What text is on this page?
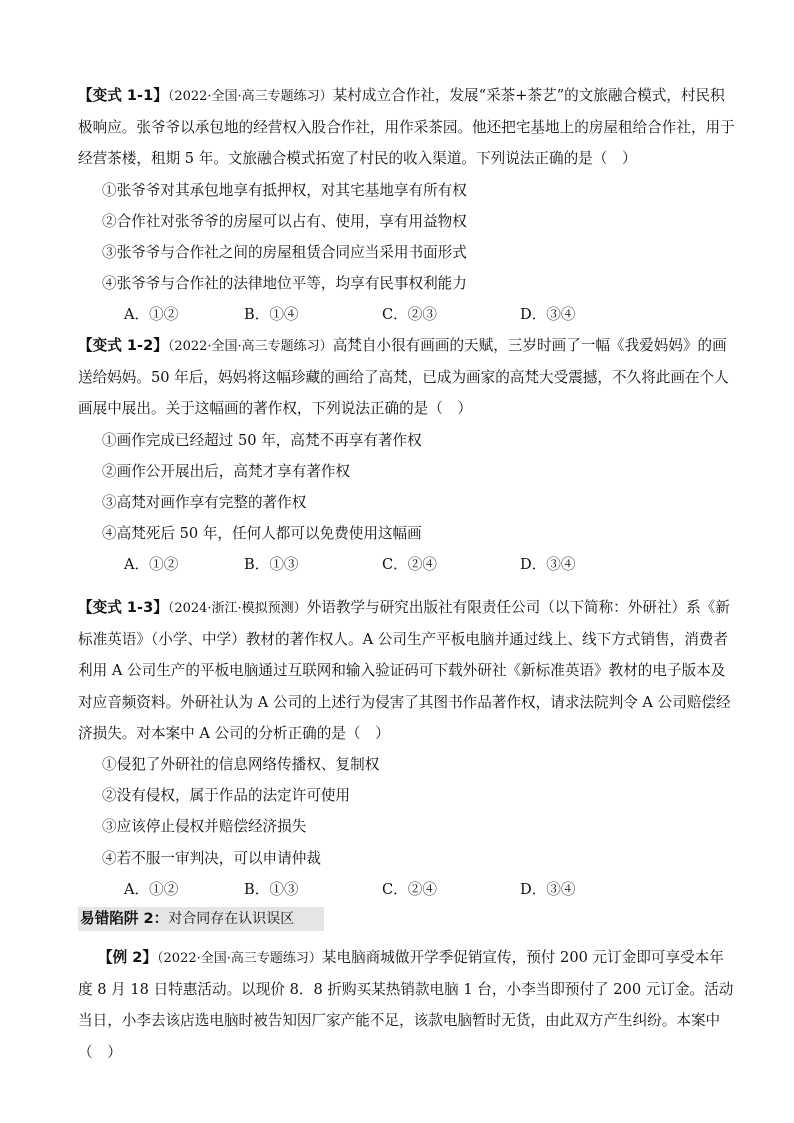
【变式 1-1】（2022·全国·高三专题练习）某村成立合作社，发展“采茶+茶艺”的文旅融合模式，村民积极响应。张爷爷以承包地的经营权入股合作社，用作采茶园。他还把宅基地上的房屋租给合作社，用于经营茶楼，租期 5 年。文旅融合模式拓宽了村民的收入渠道。下列说法正确的是（　）

①张爷爷对其承包地享有抵押权，对其宅基地享有所有权

②合作社对张爷爷的房屋可以占有、使用，享有用益物权

③张爷爷与合作社之间的房屋租赁合同应当采用书面形式

④张爷爷与合作社的法律地位平等，均享有民事权利能力

A．①②	B．①④	C．②③	D．③④

【变式 1-2】（2022·全国·高三专题练习）高梵自小很有画画的天赋，三岁时画了一幅《我爱妈妈》的画送给妈妈。50 年后，妈妈将这幅珍藏的画给了高梵，已成为画家的高梵大受震撼，不久将此画在个人画展中展出。关于这幅画的著作权，下列说法正确的是（　）

①画作完成已经超过 50 年，高梵不再享有著作权

②画作公开展出后，高梵才享有著作权

③高梵对画作享有完整的著作权

④高梵死后 50 年，任何人都可以免费使用这幅画

A．①②	B．①③	C．②④	D．③④

【变式 1-3】（2024·浙江·模拟预测）外语教学与研究出版社有限责任公司（以下简称：外研社）系《新标准英语》（小学、中学）教材的著作权人。A 公司生产平板电脑并通过线上、线下方式销售，消费者利用 A 公司生产的平板电脑通过互联网和输入验证码可下载外研社《新标准英语》教材的电子版本及对应音频资料。外研社认为 A 公司的上述行为侵害了其图书作品著作权，请求法院判令 A 公司赔偿经济损失。对本案中 A 公司的分析正确的是（　）

①侵犯了外研社的信息网络传播权、复制权

②没有侵权，属于作品的法定许可使用

③应该停止侵权并赔偿经济损失

④若不服一审判决，可以申请仲裁

A．①②	B．①③	C．②④	D．③④

易错陷阱 2：对合同存在认识误区

【例 2】（2022·全国·高三专题练习）某电脑商城做开学季促销宣传，预付 200 元订金即可享受本年度 8 月 18 日特惠活动。以现价 8．8 折购买某热销款电脑 1 台，小李当即预付了 200 元订金。活动当日，小李去该店选电脑时被告知因厂家产能不足，该款电脑暂时无货，由此双方产生纠纷。本案中（　）
